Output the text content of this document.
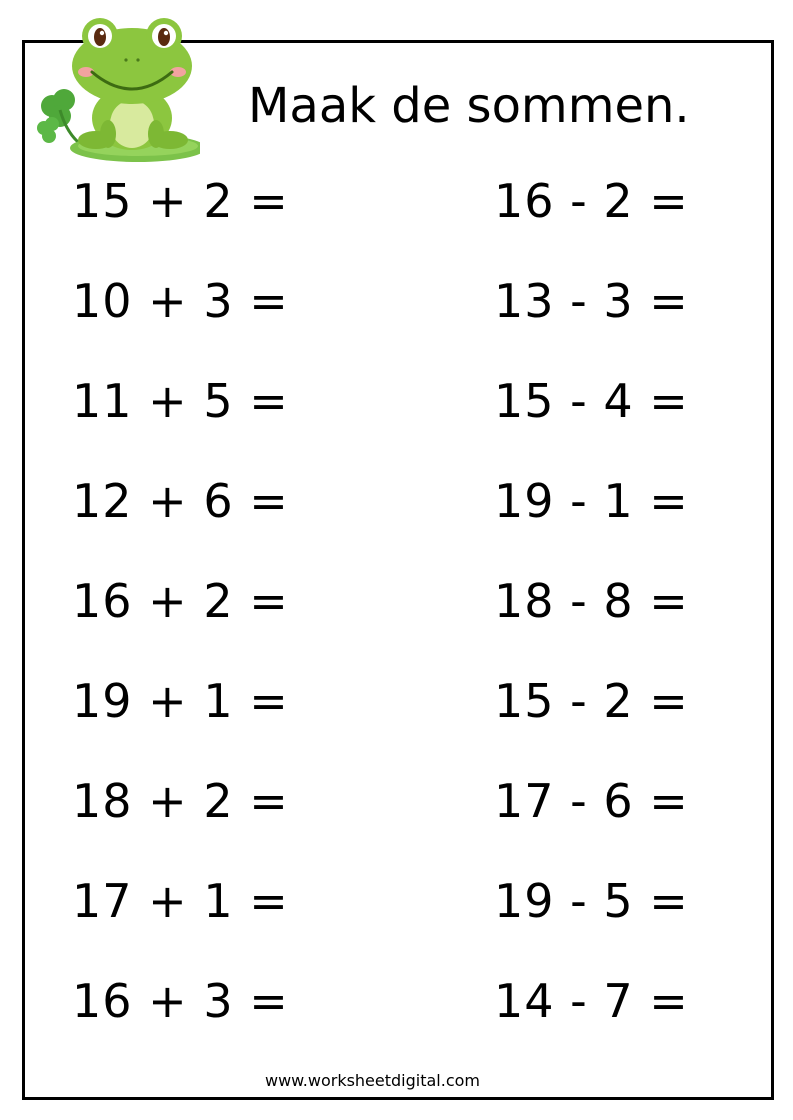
Maak de sommen.
15 + 2 =
10 + 3 =
11 + 5 =
12 + 6 =
16 + 2 =
19 + 1 =
18 + 2 =
17 + 1 =
16 + 3 =
16 - 2 =
13 - 3 =
15 - 4 =
19 - 1 =
18 - 8 =
15 - 2 =
17 - 6 =
19 - 5 =
14 - 7 =
www.worksheetdigital.com
